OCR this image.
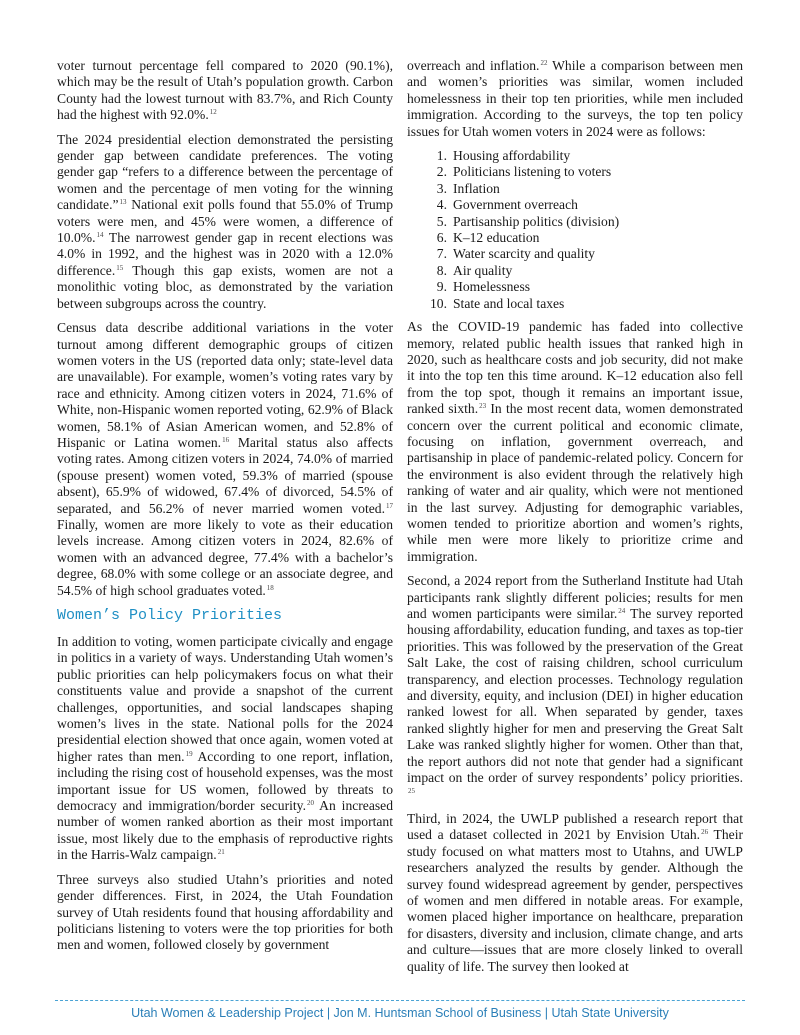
voter turnout percentage fell compared to 2020 (90.1%), which may be the result of Utah’s population growth. Carbon County had the lowest turnout with 83.7%, and Rich County had the highest with 92.0%.$^{12}$

The 2024 presidential election demonstrated the persisting gender gap between candidate preferences. The voting gender gap “refers to a difference between the percentage of women and the percentage of men voting for the winning candidate.”$^{13}$ National exit polls found that 55.0% of Trump voters were men, and 45% were women, a difference of 10.0%.$^{14}$ The narrowest gender gap in recent elections was 4.0% in 1992, and the highest was in 2020 with a 12.0% difference.$^{15}$ Though this gap exists, women are not a monolithic voting bloc, as demonstrated by the variation between subgroups across the country.

Census data describe additional variations in the voter turnout among different demographic groups of citizen women voters in the US (reported data only; state-level data are unavailable). For example, women’s voting rates vary by race and ethnicity. Among citizen voters in 2024, 71.6% of White, non-Hispanic women reported voting, 62.9% of Black women, 58.1% of Asian American women, and 52.8% of Hispanic or Latina women.$^{16}$ Marital status also affects voting rates. Among citizen voters in 2024, 74.0% of married (spouse present) women voted, 59.3% of married (spouse absent), 65.9% of widowed, 67.4% of divorced, 54.5% of separated, and 56.2% of never married women voted.$^{17}$ Finally, women are more likely to vote as their education levels increase. Among citizen voters in 2024, 82.6% of women with an advanced degree, 77.4% with a bachelor’s degree, 68.0% with some college or an associate degree, and 54.5% of high school graduates voted.$^{18}$

Women’s Policy Priorities

In addition to voting, women participate civically and engage in politics in a variety of ways. Understanding Utah women’s public priorities can help policymakers focus on what their constituents value and provide a snapshot of the current challenges, opportunities, and social landscapes shaping women’s lives in the state. National polls for the 2024 presidential election showed that once again, women voted at higher rates than men.$^{19}$ According to one report, inflation, including the rising cost of household expenses, was the most important issue for US women, followed by threats to democracy and immigration/border security.$^{20}$ An increased number of women ranked abortion as their most important issue, most likely due to the emphasis of reproductive rights in the Harris-Walz campaign.$^{21}$

Three surveys also studied Utahn’s priorities and noted gender differences. First, in 2024, the Utah Foundation survey of Utah residents found that housing affordability and politicians listening to voters were the top priorities for both men and women, followed closely by government

overreach and inflation.$^{22}$ While a comparison between men and women’s priorities was similar, women included homelessness in their top ten priorities, while men included immigration. According to the surveys, the top ten policy issues for Utah women voters in 2024 were as follows:

1. Housing affordability
2. Politicians listening to voters
3. Inflation
4. Government overreach
5. Partisanship politics (division)
6. K–12 education
7. Water scarcity and quality
8. Air quality
9. Homelessness
10. State and local taxes

As the COVID-19 pandemic has faded into collective memory, related public health issues that ranked high in 2020, such as healthcare costs and job security, did not make it into the top ten this time around. K–12 education also fell from the top spot, though it remains an important issue, ranked sixth.$^{23}$ In the most recent data, women demonstrated concern over the current political and economic climate, focusing on inflation, government overreach, and partisanship in place of pandemic-related policy. Concern for the environment is also evident through the relatively high ranking of water and air quality, which were not mentioned in the last survey. Adjusting for demographic variables, women tended to prioritize abortion and women’s rights, while men were more likely to prioritize crime and immigration.

Second, a 2024 report from the Sutherland Institute had Utah participants rank slightly different policies; results for men and women participants were similar.$^{24}$ The survey reported housing affordability, education funding, and taxes as top-tier priorities. This was followed by the preservation of the Great Salt Lake, the cost of raising children, school curriculum transparency, and election processes. Technology regulation and diversity, equity, and inclusion (DEI) in higher education ranked lowest for all. When separated by gender, taxes ranked slightly higher for men and preserving the Great Salt Lake was ranked slightly higher for women. Other than that, the report authors did not note that gender had a significant impact on the order of survey respondents’ policy priorities. $^{25}$

Third, in 2024, the UWLP published a research report that used a dataset collected in 2021 by Envision Utah.$^{26}$ Their study focused on what matters most to Utahns, and UWLP researchers analyzed the results by gender. Although the survey found widespread agreement by gender, perspectives of women and men differed in notable areas. For example, women placed higher importance on healthcare, preparation for disasters, diversity and inclusion, climate change, and arts and culture—issues that are more closely linked to overall quality of life. The survey then looked at

Utah Women & Leadership Project | Jon M. Huntsman School of Business | Utah State University
